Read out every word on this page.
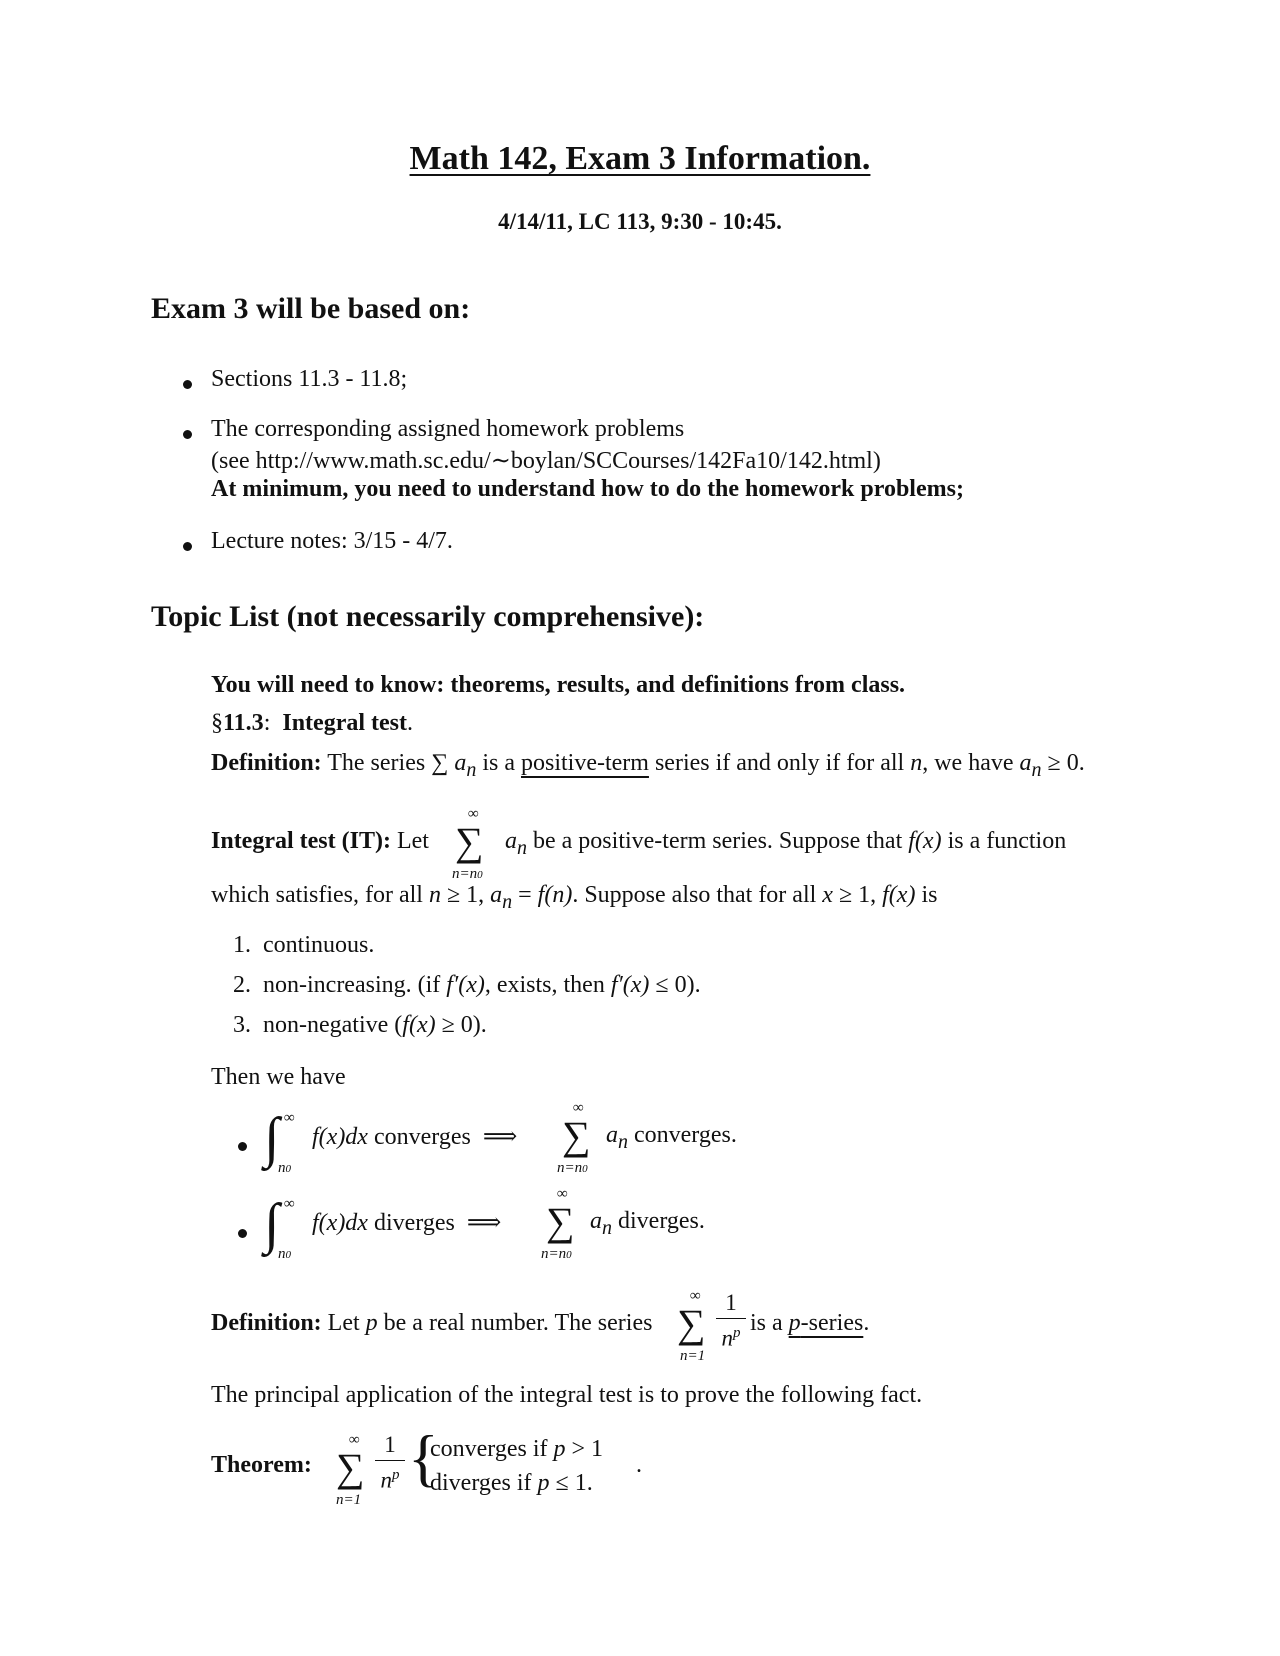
Math 142, Exam 3 Information.
4/14/11, LC 113, 9:30 - 10:45.
Exam 3 will be based on:
Sections 11.3 - 11.8;
The corresponding assigned homework problems
(see http://www.math.sc.edu/∼boylan/SCCourses/142Fa10/142.html)
At minimum, you need to understand how to do the homework problems;
Lecture notes: 3/15 - 4/7.
Topic List (not necessarily comprehensive):
You will need to know: theorems, results, and definitions from class.
§11.3: Integral test.
Definition: The series ∑ $a_n$ is a positive-term series if and only if for all n, we have $a_n \ge 0$.
∞
∑
n=n0
Integral test (IT): Let	$a_n$ be a positive-term series. Suppose that f(x) is a function
which satisfies, for all n ≥ 1, $a_n = f(n)$. Suppose also that for all x ≥ 1, f(x) is
1. continuous.
2. non-increasing. (if f′(x), exists, then f′(x) ≤ 0).
3. non-negative (f(x) ≥ 0).
Then we have
∞
∫
n0
f(x)dx converges ⟹
∞
∑
n=n0
$a_n$ converges.
∞
∫
n0
f(x)dx diverges ⟹
∞
∑
n=n0
$a_n$ diverges.
Definition: Let p be a real number. The series
∞
∑
n=1
1
$n^p$ is a p-series.
The principal application of the integral test is to prove the following fact.
Theorem:
∞
∑
n=1
1
$n^p$ {
converges if p > 1
diverges if p ≤ 1.
.
